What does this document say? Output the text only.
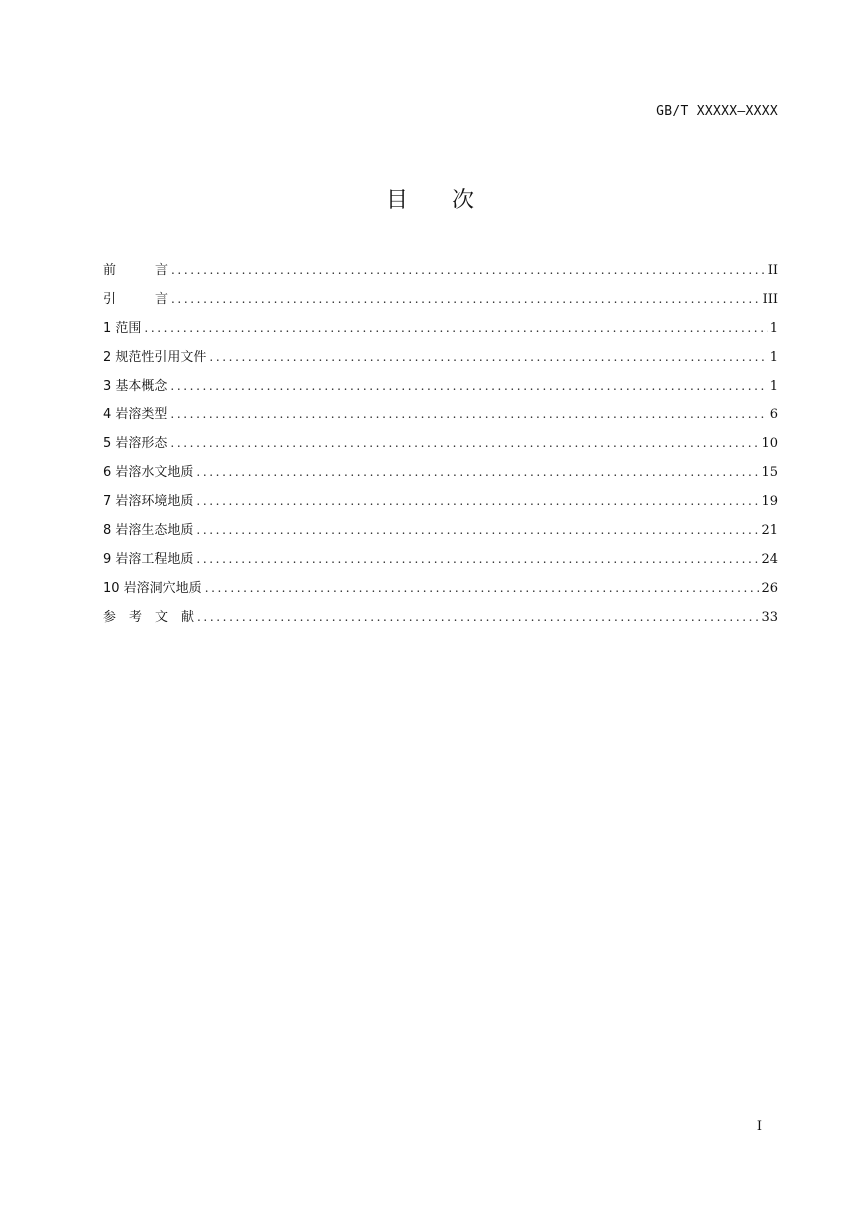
GB/T XXXXX—XXXX
目 次
前　　　言 .....	II
引　　　言 .....	III
1 范围 .....	1
2 规范性引用文件 .....	1
3 基本概念 .....	1
4 岩溶类型 .....	6
5 岩溶形态 .....	10
6 岩溶水文地质 .....	15
7 岩溶环境地质 .....	19
8 岩溶生态地质 .....	21
9 岩溶工程地质 .....	24
10 岩溶洞穴地质 .....	26
参　考　文　献 .....	33
I
